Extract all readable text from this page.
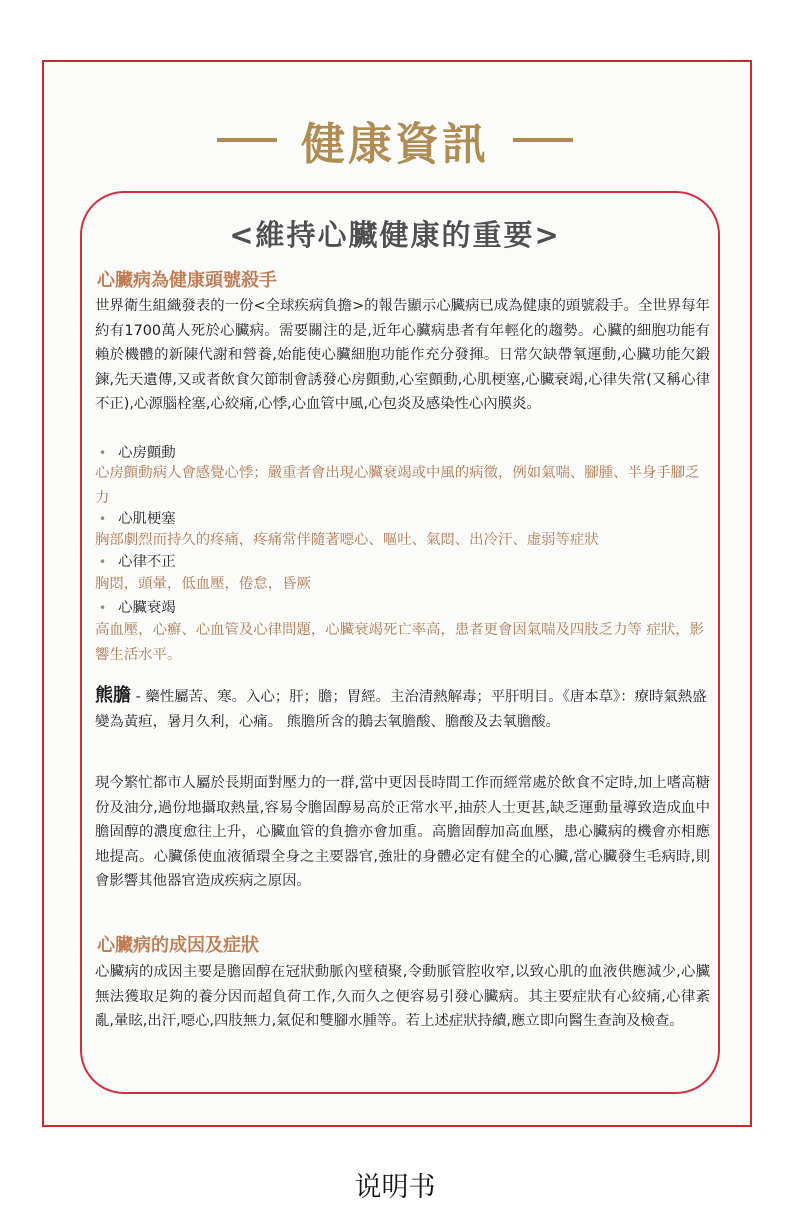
健康資訊
<維持心臟健康的重要>
心臟病為健康頭號殺手

世界衛生組織發表的一份<全球疾病負擔>的報告顯示心臟病已成為健康的頭號殺手。全世界每年約有1700萬人死於心臟病。需要關注的是,近年心臟病患者有年輕化的趨勢。心臟的細胞功能有賴於機體的新陳代謝和營養,始能使心臟細胞功能作充分發揮。日常欠缺帶氧運動,心臟功能欠鍛鍊,先天遺傳,又或者飲食欠節制會誘發心房顫動,心室顫動,心肌梗塞,心臟衰竭,心律失常(又稱心律不正),心源腦栓塞,心絞痛,心悸,心血管中風,心包炎及感染性心內膜炎。

• 心房顫動

心房顫動病人會感覺心悸；嚴重者會出現心臟衰竭或中風的病徵，例如氣喘、腳腫、半身手腳乏力

• 心肌梗塞

胸部劇烈而持久的疼痛，疼痛常伴隨著噁心、嘔吐、氣悶、出冷汗、虛弱等症狀

• 心律不正

胸悶，頭暈，低血壓，倦怠，昏厥

• 心臟衰竭

高血壓，心癬、心血管及心律問題，心臟衰竭死亡率高，患者更會因氣喘及四肢乏力等 症狀，影響生活水平。

熊膽 - 藥性屬苦、寒。入心；肝；膽；胃經。主治清熱解毒；平肝明目。《唐本草》：療時氣熱盛變為黃疸，暑月久利，心痛。 熊膽所含的鵝去氧膽酸、膽酸及去氧膽酸。

現今繁忙都市人屬於長期面對壓力的一群,當中更因長時間工作而經常處於飲食不定時,加上嗜高糖份及油分,過份地攝取熱量,容易令膽固醇易高於正常水平,抽菸人士更甚,缺乏運動量導致造成血中膽固醇的濃度愈往上升，心臟血管的負擔亦會加重。高膽固醇加高血壓，患心臟病的機會亦相應地提高。心臟係使血液循環全身之主要器官,強壯的身體必定有健全的心臟,當心臟發生毛病時,則會影響其他器官造成疾病之原因。

心臟病的成因及症狀

心臟病的成因主要是膽固醇在冠狀動脈內壁積聚,令動脈管腔收窄,以致心肌的血液供應減少,心臟無法獲取足夠的養分因而超負荷工作,久而久之便容易引發心臟病。其主要症狀有心絞痛,心律紊亂,暈眩,出汗,噁心,四肢無力,氣促和雙腳水腫等。若上述症狀持續,應立即向醫生查詢及檢查。

说明书
